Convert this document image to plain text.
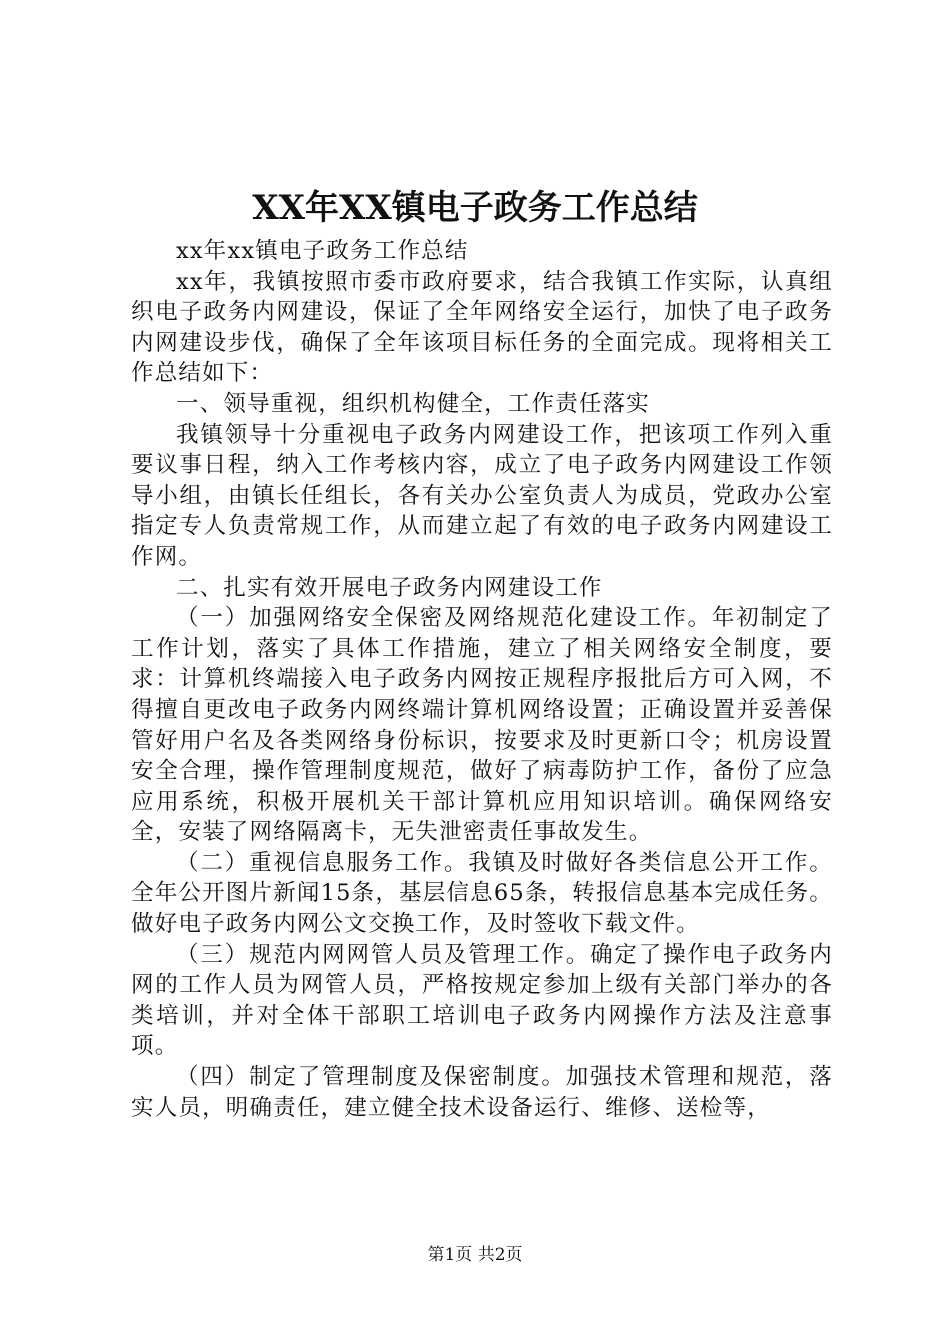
XX年XX镇电子政务工作总结

xx年xx镇电子政务工作总结

xx年，我镇按照市委市政府要求，结合我镇工作实际，认真组织电子政务内网建设，保证了全年网络安全运行，加快了电子政务内网建设步伐，确保了全年该项目标任务的全面完成。现将相关工作总结如下：

一、领导重视，组织机构健全，工作责任落实

我镇领导十分重视电子政务内网建设工作，把该项工作列入重要议事日程，纳入工作考核内容，成立了电子政务内网建设工作领导小组，由镇长任组长，各有关办公室负责人为成员，党政办公室指定专人负责常规工作，从而建立起了有效的电子政务内网建设工作网。

二、扎实有效开展电子政务内网建设工作

（一）加强网络安全保密及网络规范化建设工作。年初制定了工作计划，落实了具体工作措施，建立了相关网络安全制度，要求：计算机终端接入电子政务内网按正规程序报批后方可入网，不得擅自更改电子政务内网终端计算机网络设置；正确设置并妥善保管好用户名及各类网络身份标识，按要求及时更新口令；机房设置安全合理，操作管理制度规范，做好了病毒防护工作，备份了应急应用系统，积极开展机关干部计算机应用知识培训。确保网络安全，安装了网络隔离卡，无失泄密责任事故发生。

（二）重视信息服务工作。我镇及时做好各类信息公开工作。全年公开图片新闻15条，基层信息65条，转报信息基本完成任务。做好电子政务内网公文交换工作，及时签收下载文件。

（三）规范内网网管人员及管理工作。确定了操作电子政务内网的工作人员为网管人员，严格按规定参加上级有关部门举办的各类培训，并对全体干部职工培训电子政务内网操作方法及注意事项。

（四）制定了管理制度及保密制度。加强技术管理和规范，落实人员，明确责任，建立健全技术设备运行、维修、送检等，

第1页 共2页
